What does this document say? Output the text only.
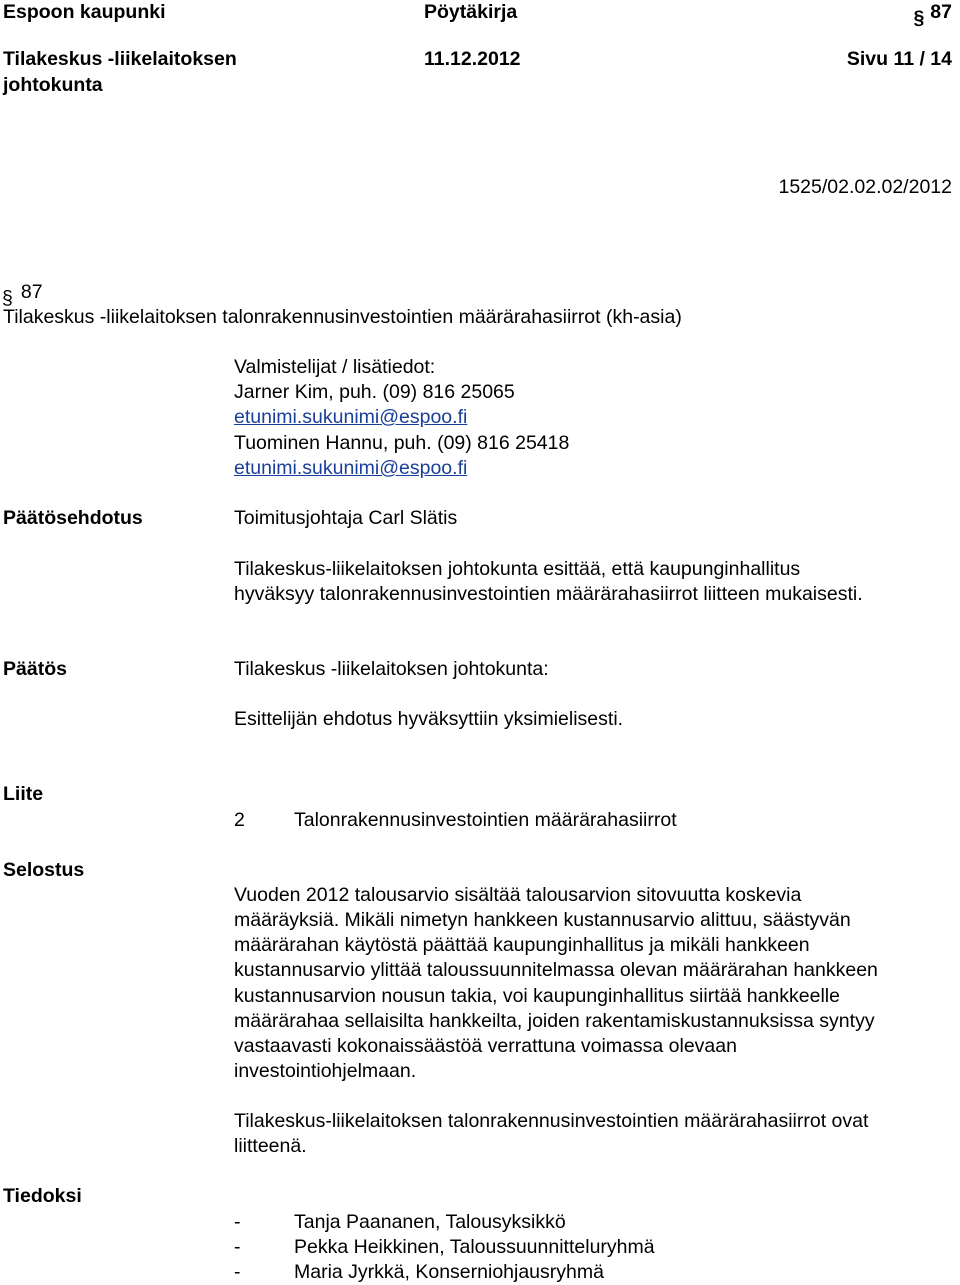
Espoon kaupunki	Pöytäkirja	§ 87
Tilakeskus -liikelaitoksen
johtokunta
11.12.2012	Sivu 11 / 14
1525/02.02.02/2012
§ 87
Tilakeskus -liikelaitoksen talonrakennusinvestointien määrärahasiirrot (kh-asia)
Valmistelijat / lisätiedot:
Jarner Kim, puh. (09) 816 25065
etunimi.sukunimi@espoo.fi
Tuominen Hannu, puh. (09) 816 25418
etunimi.sukunimi@espoo.fi
Päätösehdotus	Toimitusjohtaja Carl Slätis
Tilakeskus-liikelaitoksen johtokunta esittää, että kaupunginhallitus
hyväksyy talonrakennusinvestointien määrärahasiirrot liitteen mukaisesti.
Päätös	Tilakeskus -liikelaitoksen johtokunta:
Esittelijän ehdotus hyväksyttiin yksimielisesti.
Liite
2	Talonrakennusinvestointien määrärahasiirrot
Selostus
Vuoden 2012 talousarvio sisältää talousarvion sitovuutta koskevia
määräyksiä. Mikäli nimetyn hankkeen kustannusarvio alittuu, säästyvän
määrärahan käytöstä päättää kaupunginhallitus ja mikäli hankkeen
kustannusarvio ylittää taloussuunnitelmassa olevan määrärahan hankkeen
kustannusarvion nousun takia, voi kaupunginhallitus siirtää hankkeelle
määrärahaa sellaisilta hankkeilta, joiden rakentamiskustannuksissa syntyy
vastaavasti kokonaissäästöä verrattuna voimassa olevaan
investointiohjelmaan.
Tilakeskus-liikelaitoksen talonrakennusinvestointien määrärahasiirrot ovat
liitteenä.
Tiedoksi
-	Tanja Paananen, Talousyksikkö
-	Pekka Heikkinen, Taloussuunnitteluryhmä
-	Maria Jyrkkä, Konserniohjausryhmä
